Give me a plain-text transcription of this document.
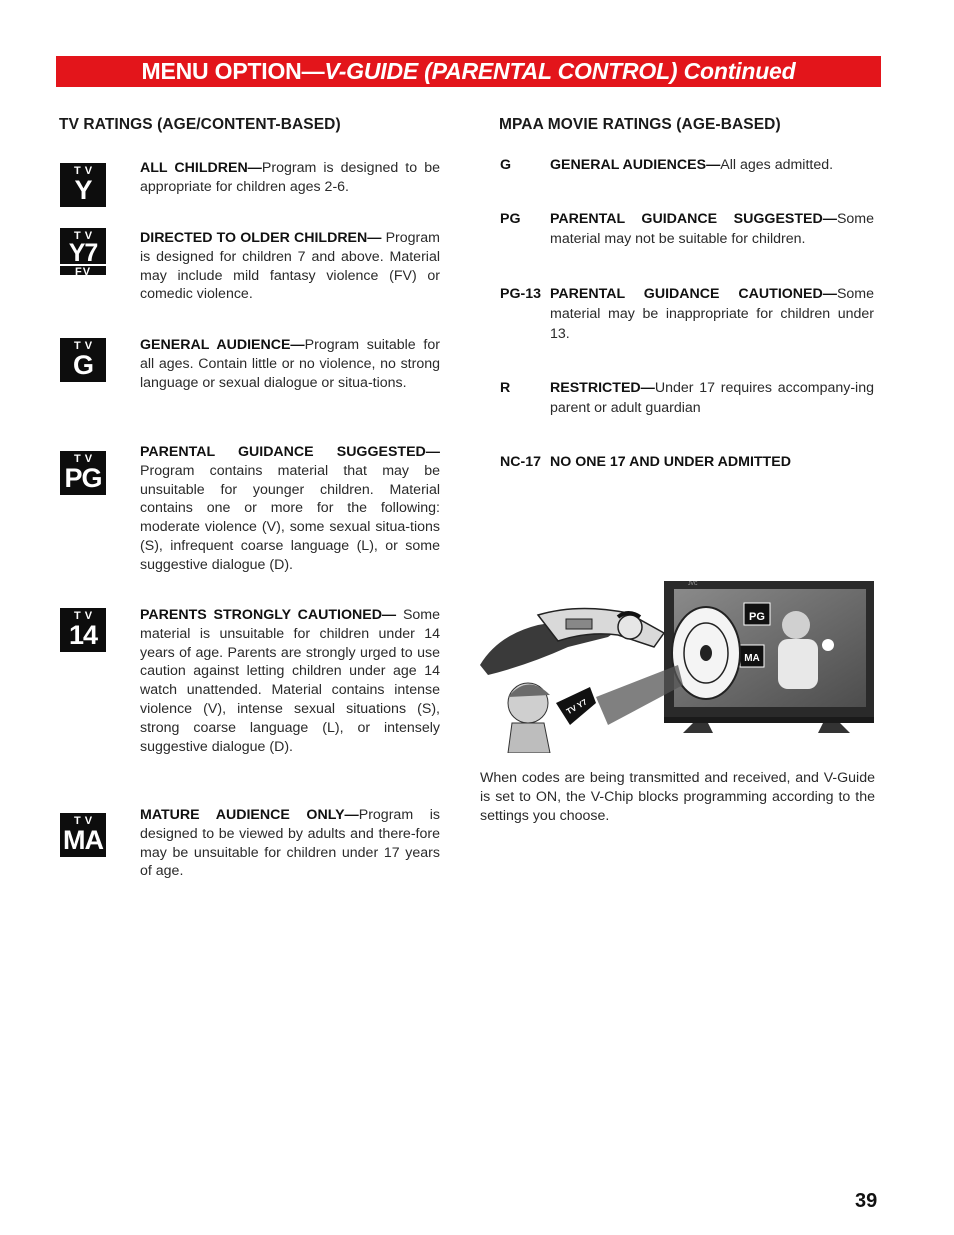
MENU OPTION—V-GUIDE (PARENTAL CONTROL) Continued
TV RATINGS (AGE/CONTENT-BASED)
TV
Y
ALL CHILDREN—Program is designed to be appropriate for children ages 2-6.
TV
Y7
FV
DIRECTED TO OLDER CHILDREN— Program is designed for children 7 and above. Material may include mild fantasy violence (FV) or comedic violence.
TV
G
GENERAL AUDIENCE—Program suitable for all ages. Contain little or no violence, no strong language or sexual dialogue or situa-tions.
TV
PG
PARENTAL GUIDANCE SUGGESTED— Program contains material that may be unsuitable for younger children. Material contains one or more for the following: moderate violence (V), some sexual situa-tions (S), infrequent coarse language (L), or some suggestive dialogue (D).
TV
14
PARENTS STRONGLY CAUTIONED— Some material is unsuitable for children under 14 years of age. Parents are strongly urged to use caution against letting children under age 14 watch unattended. Material contains intense violence (V), intense sexual situations (S), strong coarse language (L), or intensely suggestive dialogue (D).
TV
MA
MATURE AUDIENCE ONLY—Program is designed to be viewed by adults and there-fore may be unsuitable for children under 17 years of age.
MPAA MOVIE RATINGS (AGE-BASED)
G	GENERAL AUDIENCES—All ages admitted.
PG PARENTAL GUIDANCE SUGGESTED—Some material may not be suitable for children.
PG-13 PARENTAL GUIDANCE CAUTIONED—Some material may be inappropriate for children under 13.
R	RESTRICTED—Under 17 requires accompany-ing parent or adult guardian
NC-17 NO ONE 17 AND UNDER ADMITTED
JVC
PG
MA
TV Y7
When codes are being transmitted and received, and V-Guide is set to ON, the V-Chip blocks programming according to the settings you choose.
39
